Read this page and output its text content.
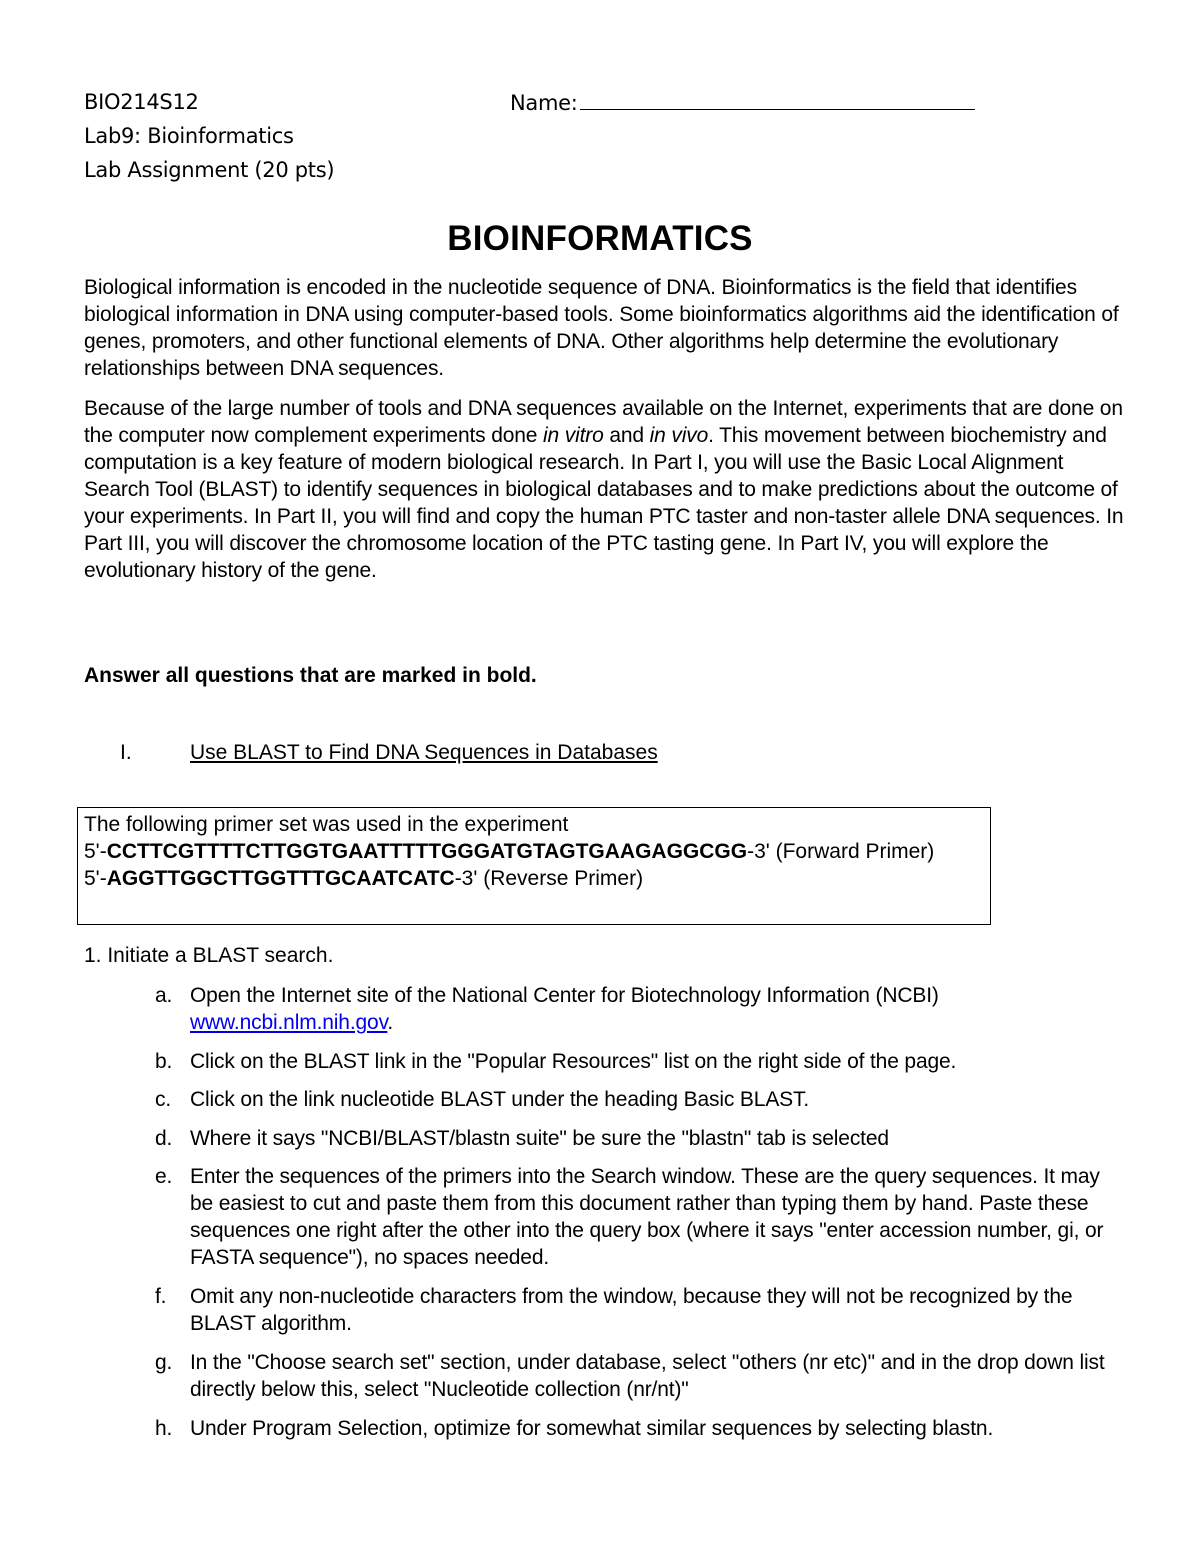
BIO214S12
Lab9: Bioinformatics
Lab Assignment (20 pts)
Name:
BIOINFORMATICS

Biological information is encoded in the nucleotide sequence of DNA. Bioinformatics is the field that identifies biological information in DNA using computer-based tools. Some bioinformatics algorithms aid the identification of genes, promoters, and other functional elements of DNA. Other algorithms help determine the evolutionary relationships between DNA sequences.

Because of the large number of tools and DNA sequences available on the Internet, experiments that are done on the computer now complement experiments done in vitro and in vivo. This movement between biochemistry and computation is a key feature of modern biological research. In Part I, you will use the Basic Local Alignment Search Tool (BLAST) to identify sequences in biological databases and to make predictions about the outcome of your experiments. In Part II, you will find and copy the human PTC taster and non-taster allele DNA sequences. In Part III, you will discover the chromosome location of the PTC tasting gene. In Part IV, you will explore the evolutionary history of the gene.

Answer all questions that are marked in bold.
I.	Use BLAST to Find DNA Sequences in Databases
The following primer set was used in the experiment
5'-CCTTCGTTTTCTTGGTGAATTTTTGGGATGTAGTGAAGAGGCGG-3' (Forward Primer)
5'-AGGTTGGCTTGGTTTGCAATCATC-3' (Reverse Primer)
1. Initiate a BLAST search.
a. Open the Internet site of the National Center for Biotechnology Information (NCBI) www.ncbi.nlm.nih.gov.
b. Click on the BLAST link in the "Popular Resources" list on the right side of the page.
c. Click on the link nucleotide BLAST under the heading Basic BLAST.
d. Where it says "NCBI/BLAST/blastn suite" be sure the "blastn" tab is selected
e. Enter the sequences of the primers into the Search window. These are the query sequences. It may be easiest to cut and paste them from this document rather than typing them by hand. Paste these sequences one right after the other into the query box (where it says "enter accession number, gi, or FASTA sequence"), no spaces needed.
f.	Omit any non-nucleotide characters from the window, because they will not be recognized by the BLAST algorithm.
g. In the "Choose search set" section, under database, select "others (nr etc)" and in the drop down list directly below this, select "Nucleotide collection (nr/nt)"
h. Under Program Selection, optimize for somewhat similar sequences by selecting blastn.
